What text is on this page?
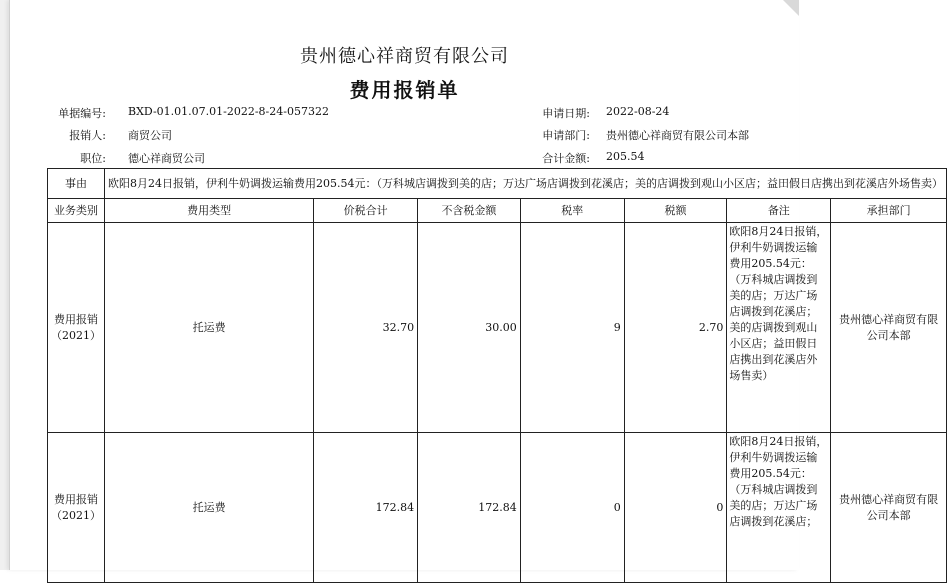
贵州德心祥商贸有限公司
费用报销单
单据编号: BXD-01.01.07.01-2022-8-24-057322
报销人: 商贸公司
职位: 德心祥商贸公司
申请日期: 2022-08-24
申请部门: 贵州德心祥商贸有限公司本部
合计金额: 205.54
事由	欧阳8月24日报销，伊利牛奶调拨运输费用205.54元：（万科城店调拨到美的店；万达广场店调拨到花溪店；美的店调拨到观山小区店；益田假日店携出到花溪店外场售卖）						
业务类别	费用类型	价税合计	不含税金额	税率	税额	备注	承担部门
费用报销（2021）	托运费	32.70	30.00	9	2.70	欧阳8月24日报销，伊利牛奶调拨运输费用205.54元：（万科城店调拨到美的店；万达广场店调拨到花溪店；美的店调拨到观山小区店；益田假日店携出到花溪店外场售卖）	贵州德心祥商贸有限公司本部
费用报销（2021）	托运费	172.84	172.84	0	0	欧阳8月24日报销，伊利牛奶调拨运输费用205.54元：（万科城店调拨到美的店；万达广场店调拨到花溪店；	贵州德心祥商贸有限公司本部
